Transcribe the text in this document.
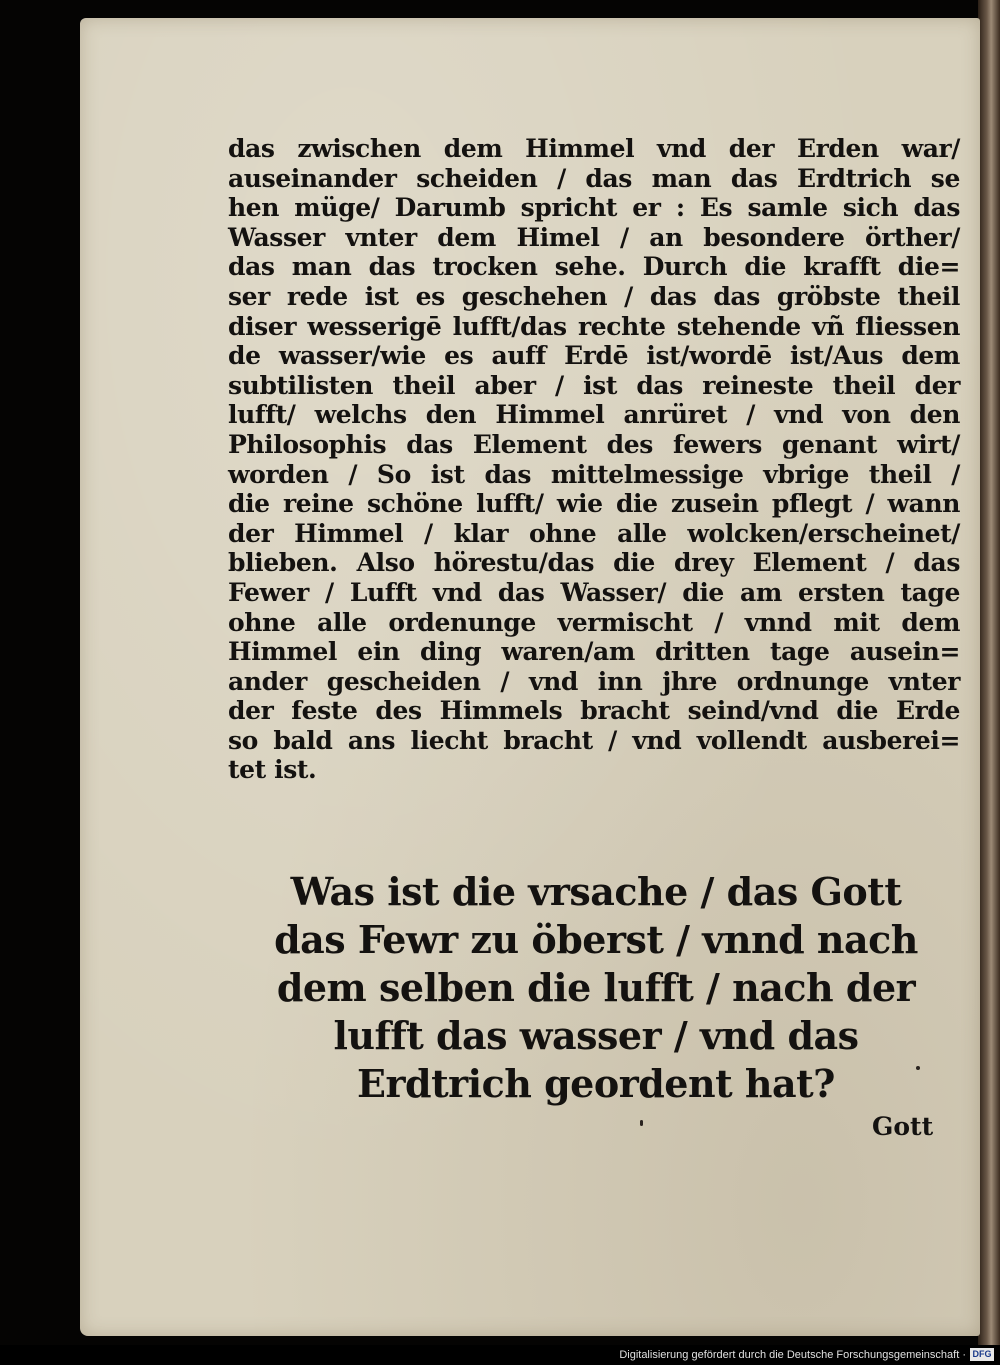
das zwischen dem Himmel vnd der Erden war/
auseinander scheiden / das man das Erdtrich se
hen müge/ Darumb spricht er : Es samle sich das
Wasser vnter dem Himel / an besondere örther/
das man das trocken sehe. Durch die krafft die=
ser rede ist es geschehen / das das gröbste theil
diser wesserigē lufft/das rechte stehende vñ fliessen
de wasser/wie es auff Erdē ist/wordē ist/Aus dem
subtilisten theil aber / ist das reineste theil der
lufft/ welchs den Himmel anrüret / vnd von den
Philosophis das Element des fewers genant wirt/
worden / So ist das mittelmessige vbrige theil /
die reine schöne lufft/ wie die zusein pflegt / wann
der Himmel / klar ohne alle wolcken/erscheinet/
blieben. Also hörestu/das die drey Element / das
Fewer / Lufft vnd das Wasser/ die am ersten tage
ohne alle ordenunge vermischt / vnnd mit dem
Himmel ein ding waren/am dritten tage ausein=
ander gescheiden / vnd inn jhre ordnunge vnter
der feste des Himmels bracht seind/vnd die Erde
so bald ans liecht bracht / vnd vollendt ausberei=
tet ist.
Was ist die vrsache / das Gott
das Fewr zu öberst / vnnd nach
dem selben die lufft / nach der
lufft das wasser / vnd das
Erdtrich geordent hat?
Gott
Digitalisierung gefördert durch die Deutsche Forschungsgemeinschaft · DFG
